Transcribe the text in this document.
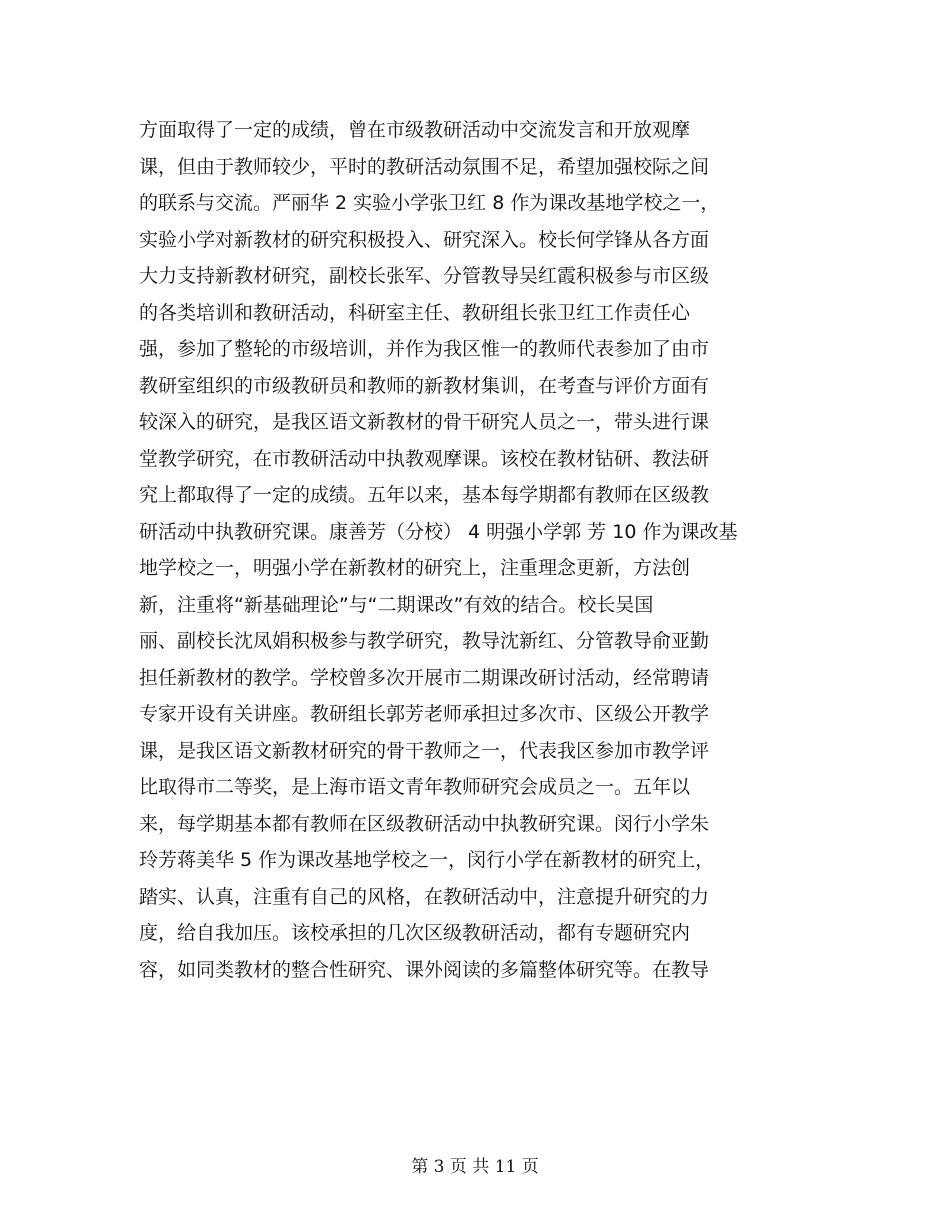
方面取得了一定的成绩，曾在市级教研活动中交流发言和开放观摩
课，但由于教师较少，平时的教研活动氛围不足，希望加强校际之间
的联系与交流。严丽华 2 实验小学张卫红 8 作为课改基地学校之一，
实验小学对新教材的研究积极投入、研究深入。校长何学锋从各方面
大力支持新教材研究，副校长张军、分管教导吴红霞积极参与市区级
的各类培训和教研活动，科研室主任、教研组长张卫红工作责任心
强，参加了整轮的市级培训，并作为我区惟一的教师代表参加了由市
教研室组织的市级教研员和教师的新教材集训，在考查与评价方面有
较深入的研究，是我区语文新教材的骨干研究人员之一，带头进行课
堂教学研究，在市教研活动中执教观摩课。该校在教材钻研、教法研
究上都取得了一定的成绩。五年以来，基本每学期都有教师在区级教
研活动中执教研究课。康善芳（分校） 4 明强小学郭 芳 10 作为课改基
地学校之一，明强小学在新教材的研究上，注重理念更新，方法创
新，注重将“新基础理论”与“二期课改”有效的结合。校长吴国
丽、副校长沈凤娟积极参与教学研究，教导沈新红、分管教导俞亚勤
担任新教材的教学。学校曾多次开展市二期课改研讨活动，经常聘请
专家开设有关讲座。教研组长郭芳老师承担过多次市、区级公开教学
课，是我区语文新教材研究的骨干教师之一，代表我区参加市教学评
比取得市二等奖，是上海市语文青年教师研究会成员之一。五年以
来，每学期基本都有教师在区级教研活动中执教研究课。闵行小学朱
玲芳蒋美华 5 作为课改基地学校之一，闵行小学在新教材的研究上，
踏实、认真，注重有自己的风格，在教研活动中，注意提升研究的力
度，给自我加压。该校承担的几次区级教研活动，都有专题研究内
容，如同类教材的整合性研究、课外阅读的多篇整体研究等。在教导
第 3 页 共 11 页
